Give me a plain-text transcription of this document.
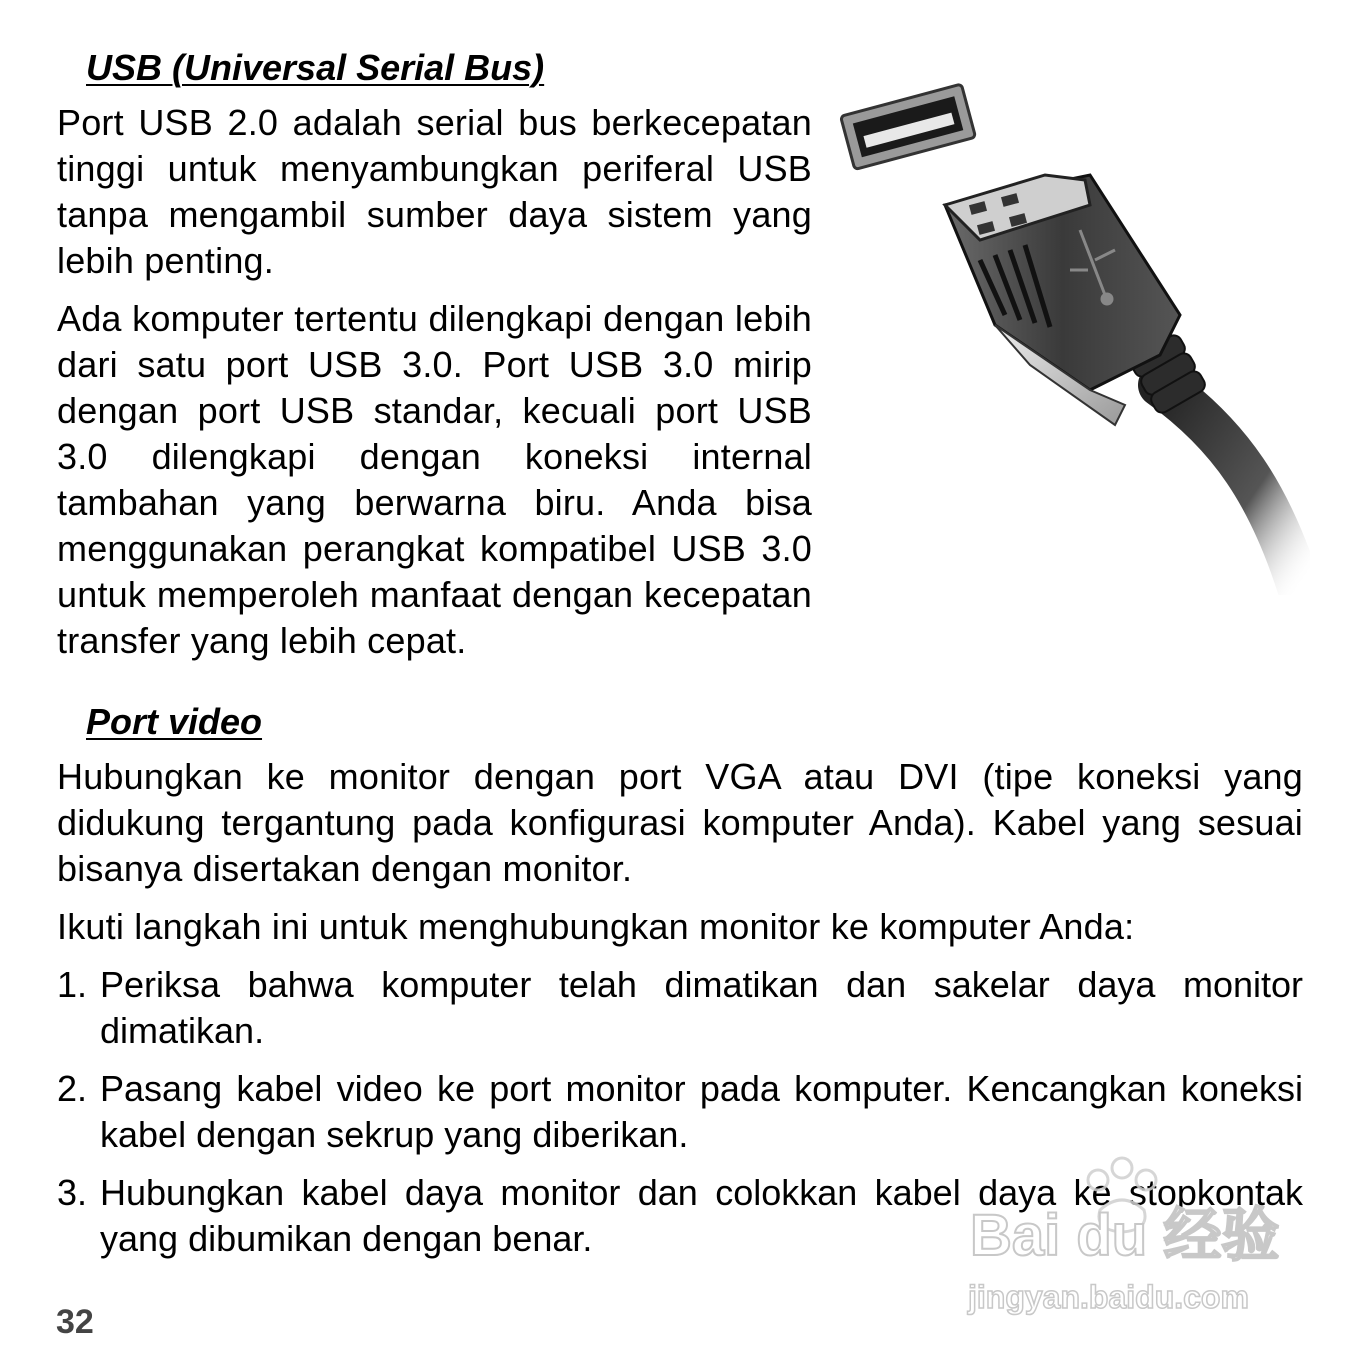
USB (Universal Serial Bus)

Port USB 2.0 adalah serial bus berkecepatan tinggi untuk menyambungkan periferal USB tanpa mengambil sumber daya sistem yang lebih penting.

Ada komputer tertentu dilengkapi dengan lebih dari satu port USB 3.0. Port USB 3.0 mirip dengan port USB standar, kecuali port USB 3.0 dilengkapi dengan koneksi internal tambahan yang berwarna biru. Anda bisa menggunakan perangkat kompatibel USB 3.0 untuk memperoleh manfaat dengan kecepatan transfer yang lebih cepat.

Port video

Hubungkan ke monitor dengan port VGA atau DVI (tipe koneksi yang didukung tergantung pada konfigurasi komputer Anda). Kabel yang sesuai bisanya disertakan dengan monitor.

Ikuti langkah ini untuk menghubungkan monitor ke komputer Anda:

1. Periksa bahwa komputer telah dimatikan dan sakelar daya monitor dimatikan.
2. Pasang kabel video ke port monitor pada komputer. Kencangkan koneksi kabel dengan sekrup yang diberikan.
3. Hubungkan kabel daya monitor dan colokkan kabel daya ke stopkontak yang dibumikan dengan benar.

32

Bai du 经验
jingyan.baidu.com
